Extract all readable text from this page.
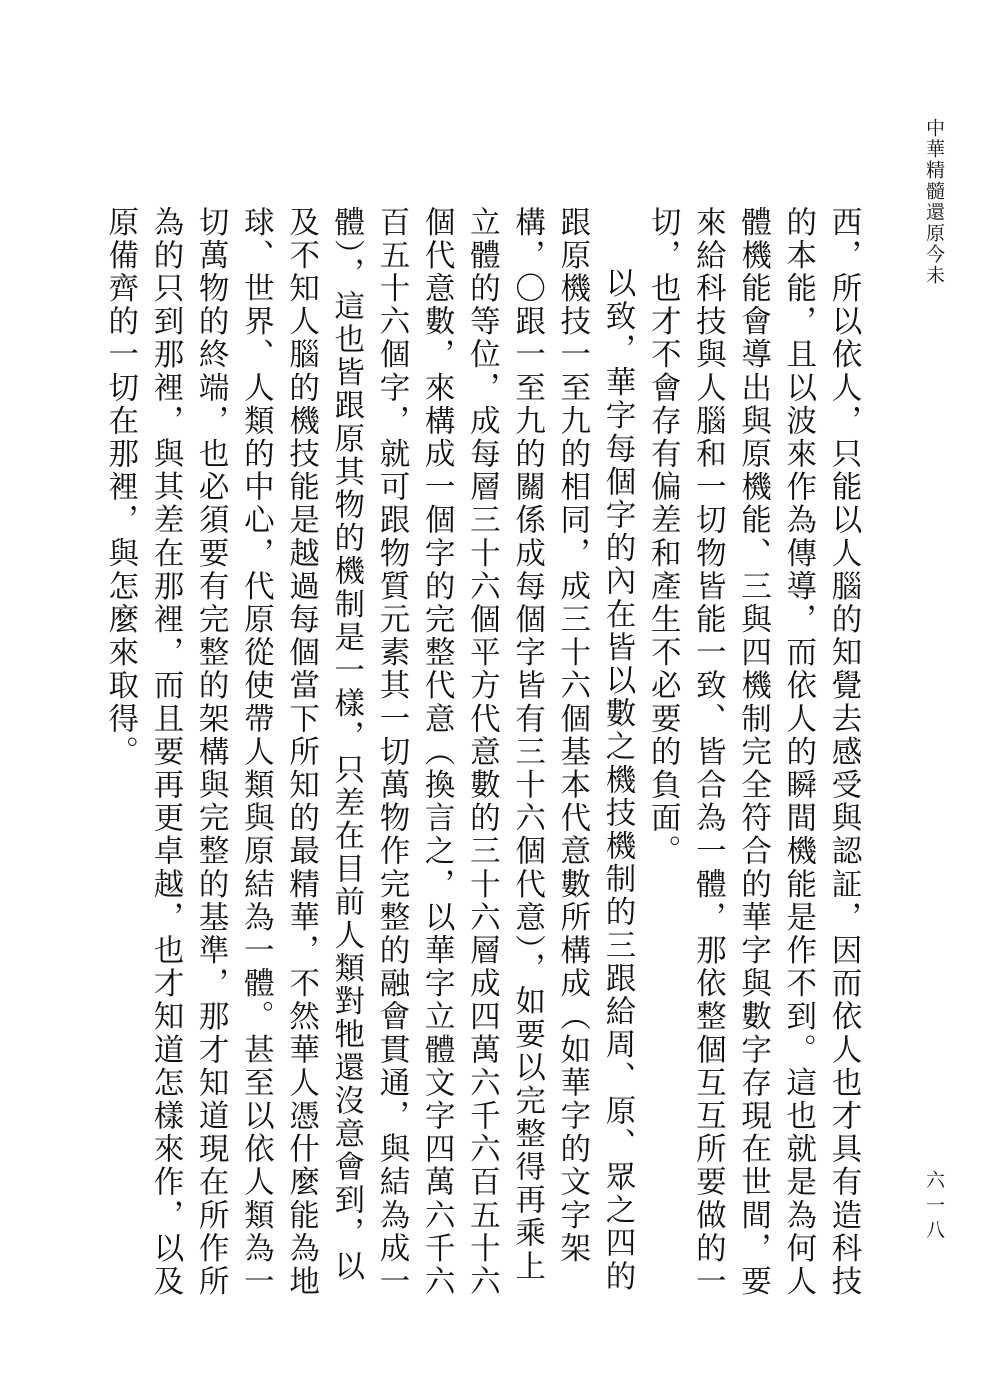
中華精髓還原今未
六一八

西，所以依人，只能以人腦的知覺去感受與認証，因而依人也才具有造科技的本能，且以波來作為傳導，而依人的瞬間機能是作不到。這也就是為何人體機能會導出與原機能、三與四機制完全符合的華字與數字存現在世間，要來給科技與人腦和一切物皆能一致、皆合為一體，那依整個互互所要做的一切，也才不會存有偏差和產生不必要的負面。

以致，華字每個字的內在皆以數之機技機制的三跟給周、原、眾之四的跟原機技一至九的相同，成三十六個基本代意數所構成（如華字的文字架構，〇跟一至九的關係成每個字皆有三十六個代意），如要以完整得再乘上立體的等位，成每層三十六個平方代意數的三十六層成四萬六千六百五十六個代意數，來構成一個字的完整代意（換言之，以華字立體文字四萬六千六百五十六個字，就可跟物質元素其一切萬物作完整的融會貫通，與結為成一體），這也皆跟原其物的機制是一樣，只差在目前人類對牠還沒意會到，以及不知人腦的機技能是越過每個當下所知的最精華，不然華人憑什麼能為地球、世界、人類的中心，代原從使帶人類與原結為一體。甚至以依人類為一切萬物的終端，也必須要有完整的架構與完整的基準，那才知道現在所作所為的只到那裡，與其差在那裡，而且要再更卓越，也才知道怎樣來作，以及原備齊的一切在那裡，與怎麼來取得。
